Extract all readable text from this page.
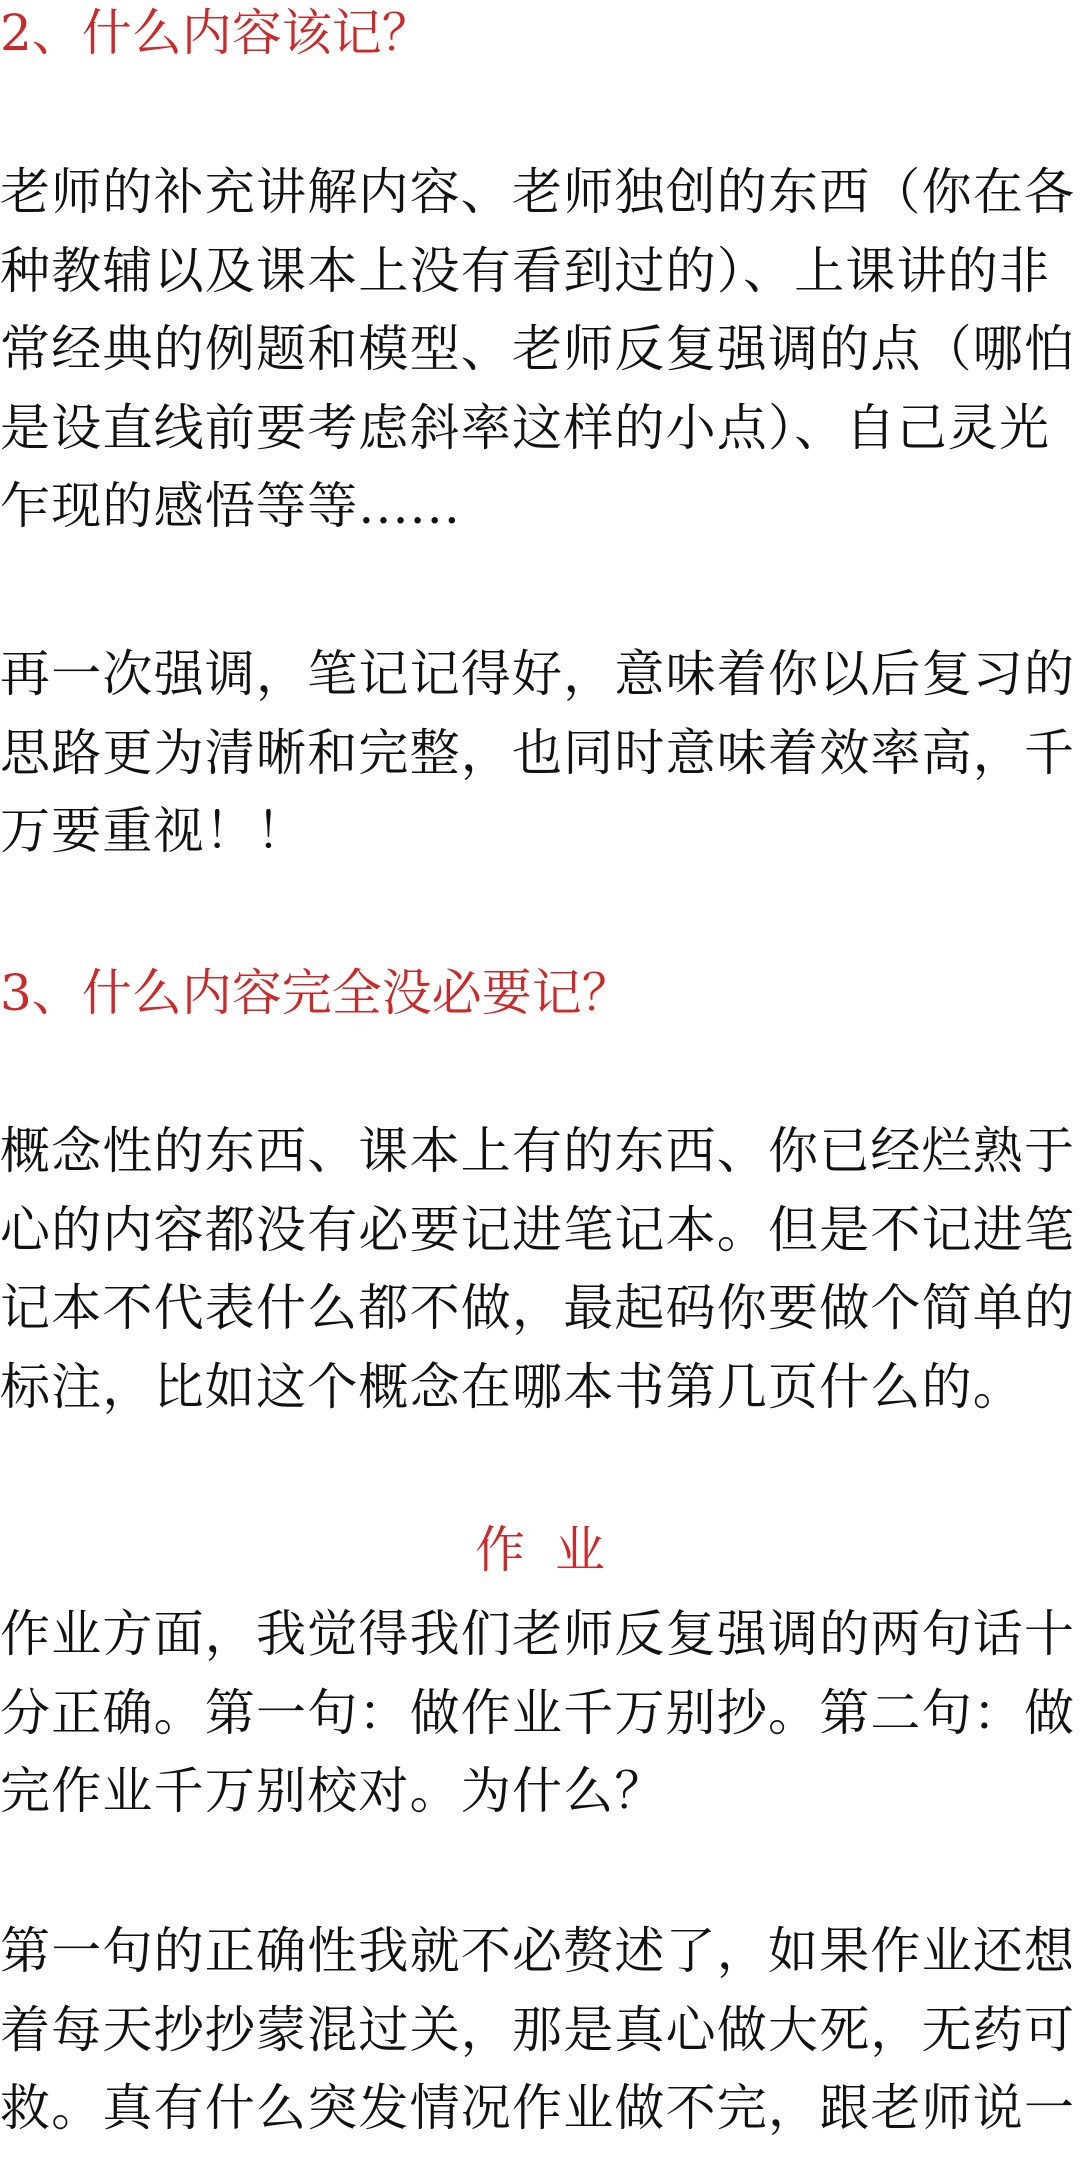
2、什么内容该记？
老师的补充讲解内容、老师独创的东西（你在各
种教辅以及课本上没有看到过的）、上课讲的非
常经典的例题和模型、老师反复强调的点（哪怕
是设直线前要考虑斜率这样的小点）、自己灵光
乍现的感悟等等......
再一次强调，笔记记得好，意味着你以后复习的
思路更为清晰和完整，也同时意味着效率高，千
万要重视！！
3、什么内容完全没必要记？
概念性的东西、课本上有的东西、你已经烂熟于
心的内容都没有必要记进笔记本。但是不记进笔
记本不代表什么都不做，最起码你要做个简单的
标注，比如这个概念在哪本书第几页什么的。
作业
作业方面，我觉得我们老师反复强调的两句话十
分正确。第一句：做作业千万别抄。第二句：做
完作业千万别校对。为什么？
第一句的正确性我就不必赘述了，如果作业还想
着每天抄抄蒙混过关，那是真心做大死，无药可
救。真有什么突发情况作业做不完，跟老师说一
